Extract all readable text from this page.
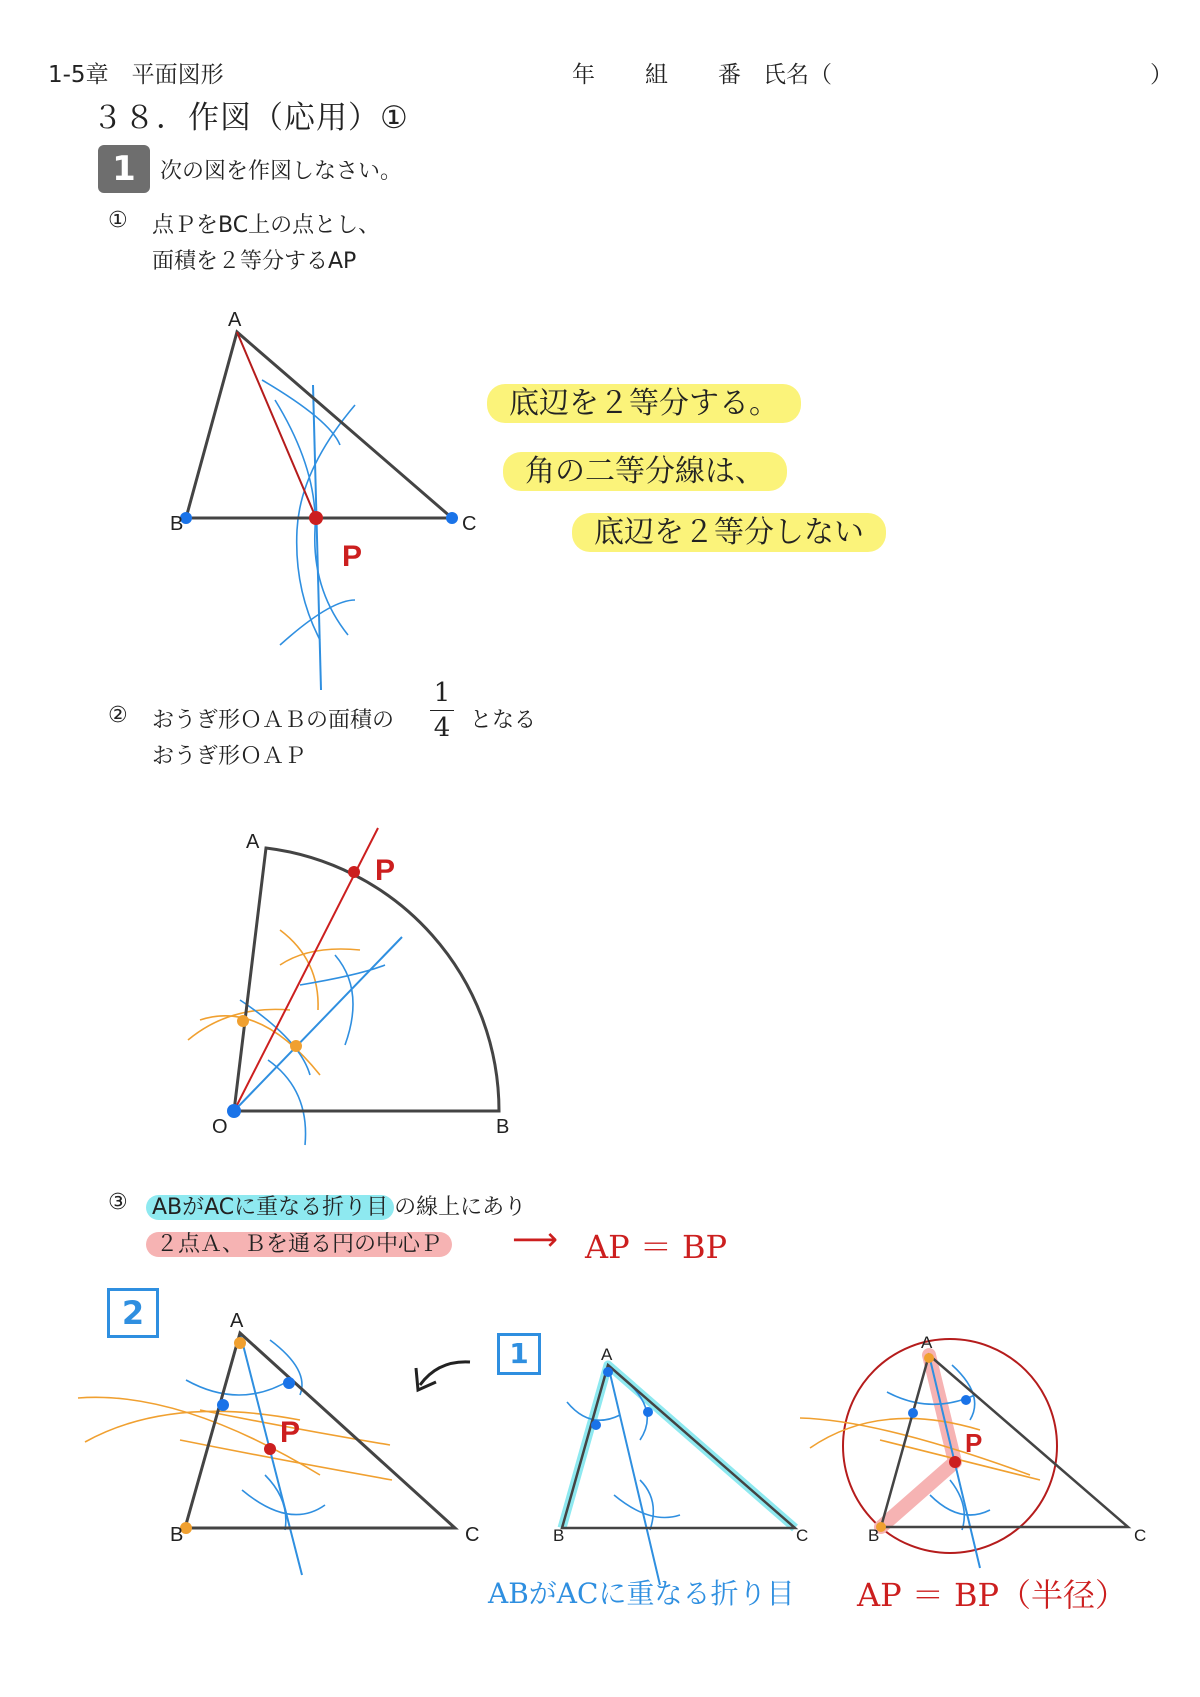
1-5章　平面図形	年 組 番 氏名（	）
３８．作図（応用）①
1	次の図を作図しなさい。
① 点ＰをBC上の点とし、
面積を２等分するAP
底辺を２等分する。
角の二等分線は、
底辺を２等分しない
② おうぎ形ＯＡＢの面積の
1
4 となる
おうぎ形ＯＡＰ
③ ABがACに重なる折り目 の線上にあり
２点Ａ、Ｂを通る円の中心Ｐ	⟶ AP ＝ BP
2
1
ABがACに重なる折り目 AP ＝ BP（半径）
A
B	C
P
A
O	B
P
A
B	C
P
A
B	C
A
B	C
P
